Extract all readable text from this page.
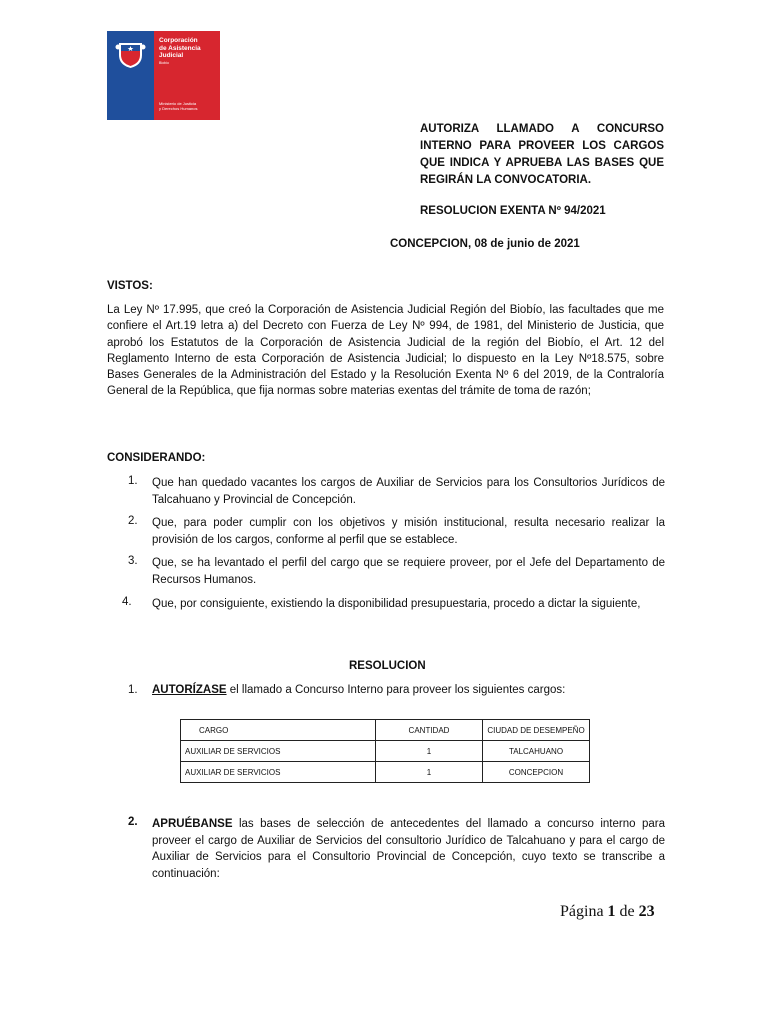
Corporación
de Asistencia
Judicial
Biobío
Ministerio de Justicia
y Derechos Humanos
AUTORIZA LLAMADO A CONCURSO INTERNO PARA PROVEER LOS CARGOS QUE INDICA Y APRUEBA LAS BASES QUE REGIRÁN LA CONVOCATORIA.
RESOLUCION EXENTA Nº 94/2021
CONCEPCION, 08 de junio de 2021
VISTOS:
La Ley Nº 17.995, que creó la Corporación de Asistencia Judicial Región del Biobío, las facultades que me confiere el Art.19 letra a) del Decreto con Fuerza de Ley Nº 994, de 1981, del Ministerio de Justicia, que aprobó los Estatutos de la Corporación de Asistencia Judicial de la región del Biobío, el Art. 12 del Reglamento Interno de esta Corporación de Asistencia Judicial; lo dispuesto en la Ley Nº18.575, sobre Bases Generales de la Administración del Estado y la Resolución Exenta Nº 6 del 2019, de la Contraloría General de la República, que fija normas sobre materias exentas del trámite de toma de razón;
CONSIDERANDO:
1. Que han quedado vacantes los cargos de Auxiliar de Servicios para los Consultorios Jurídicos de Talcahuano y Provincial de Concepción.
2. Que, para poder cumplir con los objetivos y misión institucional, resulta necesario realizar la provisión de los cargos, conforme al perfil que se establece.
3. Que, se ha levantado el perfil del cargo que se requiere proveer, por el Jefe del Departamento de Recursos Humanos.
4. Que, por consiguiente, existiendo la disponibilidad presupuestaria, procedo a dictar la siguiente,
RESOLUCION
1. AUTORÍZASE el llamado a Concurso Interno para proveer los siguientes cargos:
CARGO	CANTIDAD	CIUDAD DE DESEMPEÑO
AUXILIAR DE SERVICIOS	1	TALCAHUANO
AUXILIAR DE SERVICIOS	1	CONCEPCION
2. APRUÉBANSE las bases de selección de antecedentes del llamado a concurso interno para proveer el cargo de Auxiliar de Servicios del consultorio Jurídico de Talcahuano y para el cargo de Auxiliar de Servicios para el Consultorio Provincial de Concepción, cuyo texto se transcribe a continuación:
Página 1 de 23
